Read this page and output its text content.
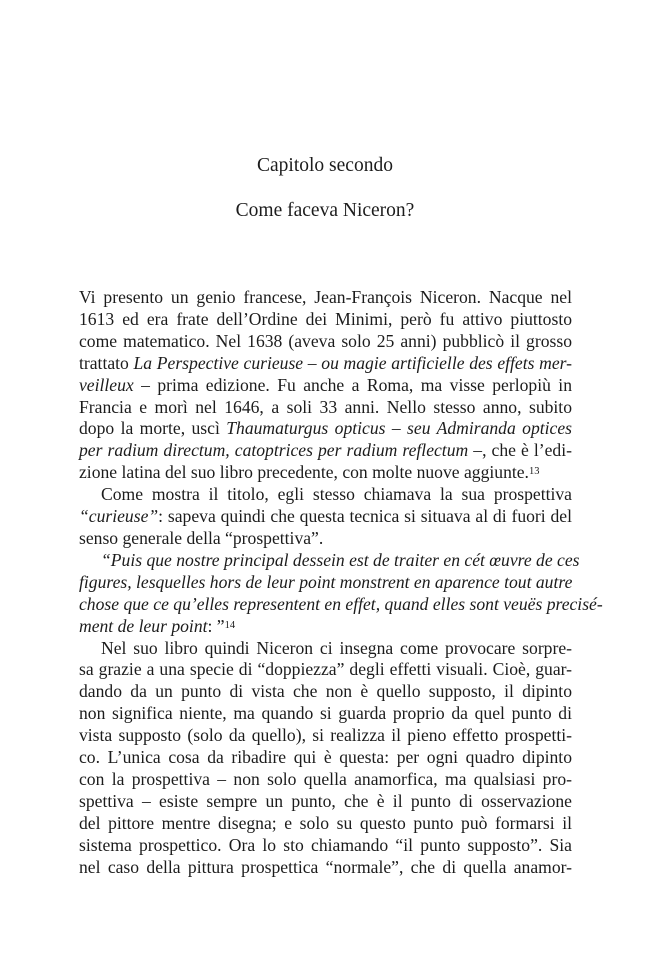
Capitolo secondo
Come faceva Niceron?
Vi presento un genio francese, Jean-François Niceron. Nacque nel
1613 ed era frate dell’Ordine dei Minimi, però fu attivo piuttosto
come matematico. Nel 1638 (aveva solo 25 anni) pubblicò il grosso
trattato La Perspective curieuse – ou magie artificielle des effets mer-
veilleux – prima edizione. Fu anche a Roma, ma visse perlopiù in
Francia e morì nel 1646, a soli 33 anni. Nello stesso anno, subito
dopo la morte, uscì Thaumaturgus opticus – seu Admiranda optices
per radium directum, catoptrices per radium reflectum –, che è l’edi-
zione latina del suo libro precedente, con molte nuove aggiunte.$^{13}$
Come mostra il titolo, egli stesso chiamava la sua prospettiva
“curieuse”: sapeva quindi che questa tecnica si situava al di fuori del
senso generale della “prospettiva”.
“Puis que nostre principal dessein est de traiter en cét œuvre de ces
figures, lesquelles hors de leur point monstrent en aparence tout autre
chose que ce qu’elles representent en effet, quand elles sont veuës precisé-
ment de leur point: ”$^{14}$
Nel suo libro quindi Niceron ci insegna come provocare sorpre-
sa grazie a una specie di “doppiezza” degli effetti visuali. Cioè, guar-
dando da un punto di vista che non è quello supposto, il dipinto
non significa niente, ma quando si guarda proprio da quel punto di
vista supposto (solo da quello), si realizza il pieno effetto prospetti-
co. L’unica cosa da ribadire qui è questa: per ogni quadro dipinto
con la prospettiva – non solo quella anamorfica, ma qualsiasi pro-
spettiva – esiste sempre un punto, che è il punto di osservazione
del pittore mentre disegna; e solo su questo punto può formarsi il
sistema prospettico. Ora lo sto chiamando “il punto supposto”. Sia
nel caso della pittura prospettica “normale”, che di quella anamor-
